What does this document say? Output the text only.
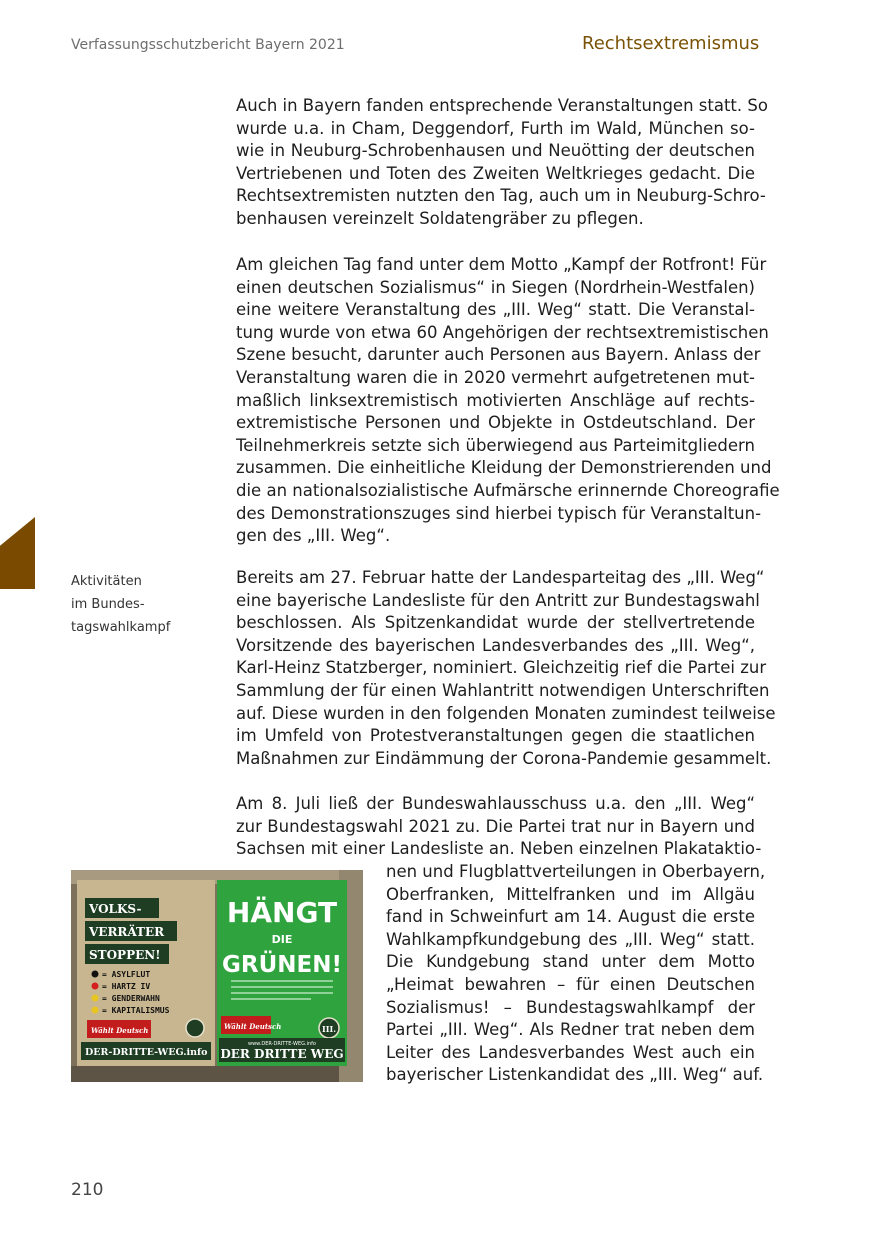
Verfassungsschutzbericht Bayern 2021	Rechtsextremismus
Aktivitäten
im Bundes-
tagswahlkampf
Auch in Bayern fanden entsprechende Veranstaltungen statt. So
wurde u.a. in Cham, Deggendorf, Furth im Wald, München so-
wie in Neuburg-Schrobenhausen und Neuötting der deutschen
Vertriebenen und Toten des Zweiten Weltkrieges gedacht. Die
Rechtsextremisten nutzten den Tag, auch um in Neuburg-Schro-
benhausen vereinzelt Soldatengräber zu pflegen.
Am gleichen Tag fand unter dem Motto „Kampf der Rotfront! Für
einen deutschen Sozialismus“ in Siegen (Nordrhein-Westfalen)
eine weitere Veranstaltung des „III. Weg“ statt. Die Veranstal-
tung wurde von etwa 60 Angehörigen der rechtsextremistischen
Szene besucht, darunter auch Personen aus Bayern. Anlass der
Veranstaltung waren die in 2020 vermehrt aufgetretenen mut-
maßlich linksextremistisch motivierten Anschläge auf rechts-
extremistische Personen und Objekte in Ostdeutschland. Der
Teilnehmerkreis setzte sich überwiegend aus Parteimitgliedern
zusammen. Die einheitliche Kleidung der Demonstrierenden und
die an nationalsozialistische Aufmärsche erinnernde Choreografie
des Demonstrationszuges sind hierbei typisch für Veranstaltun-
gen des „III. Weg“.
Bereits am 27. Februar hatte der Landesparteitag des „III. Weg“
eine bayerische Landesliste für den Antritt zur Bundestagswahl
beschlossen. Als Spitzenkandidat wurde der stellvertretende
Vorsitzende des bayerischen Landesverbandes des „III. Weg“,
Karl-Heinz Statzberger, nominiert. Gleichzeitig rief die Partei zur
Sammlung der für einen Wahlantritt notwendigen Unterschriften
auf. Diese wurden in den folgenden Monaten zumindest teilweise
im Umfeld von Protestveranstaltungen gegen die staatlichen
Maßnahmen zur Eindämmung der Corona-Pandemie gesammelt.
Am 8. Juli ließ der Bundeswahlausschuss u.a. den „III. Weg“
zur Bundestagswahl 2021 zu. Die Partei trat nur in Bayern und
Sachsen mit einer Landesliste an. Neben einzelnen Plakataktio-
nen und Flugblattverteilungen in Oberbayern,
Oberfranken, Mittelfranken und im Allgäu
fand in Schweinfurt am 14. August die erste
Wahlkampfkundgebung des „III. Weg“ statt.
Die Kundgebung stand unter dem Motto
„Heimat bewahren – für einen Deutschen
Sozialismus! – Bundestagswahlkampf der
Partei „III. Weg“. Als Redner trat neben dem
Leiter des Landesverbandes West auch ein
bayerischer Listenkandidat des „III. Weg“ auf.
VOLKS-
VERRÄTER
STOPPEN!
= ASYLFLUT
= HARTZ IV
= GENDERWAHN
= KAPITALISMUS
Wählt Deutsch
DER-DRITTE-WEG.info
HÄNGT
DIE
GRÜNEN!
Wählt Deutsch	III.
www.DER-DRITTE-WEG.info
DER DRITTE WEG
210
